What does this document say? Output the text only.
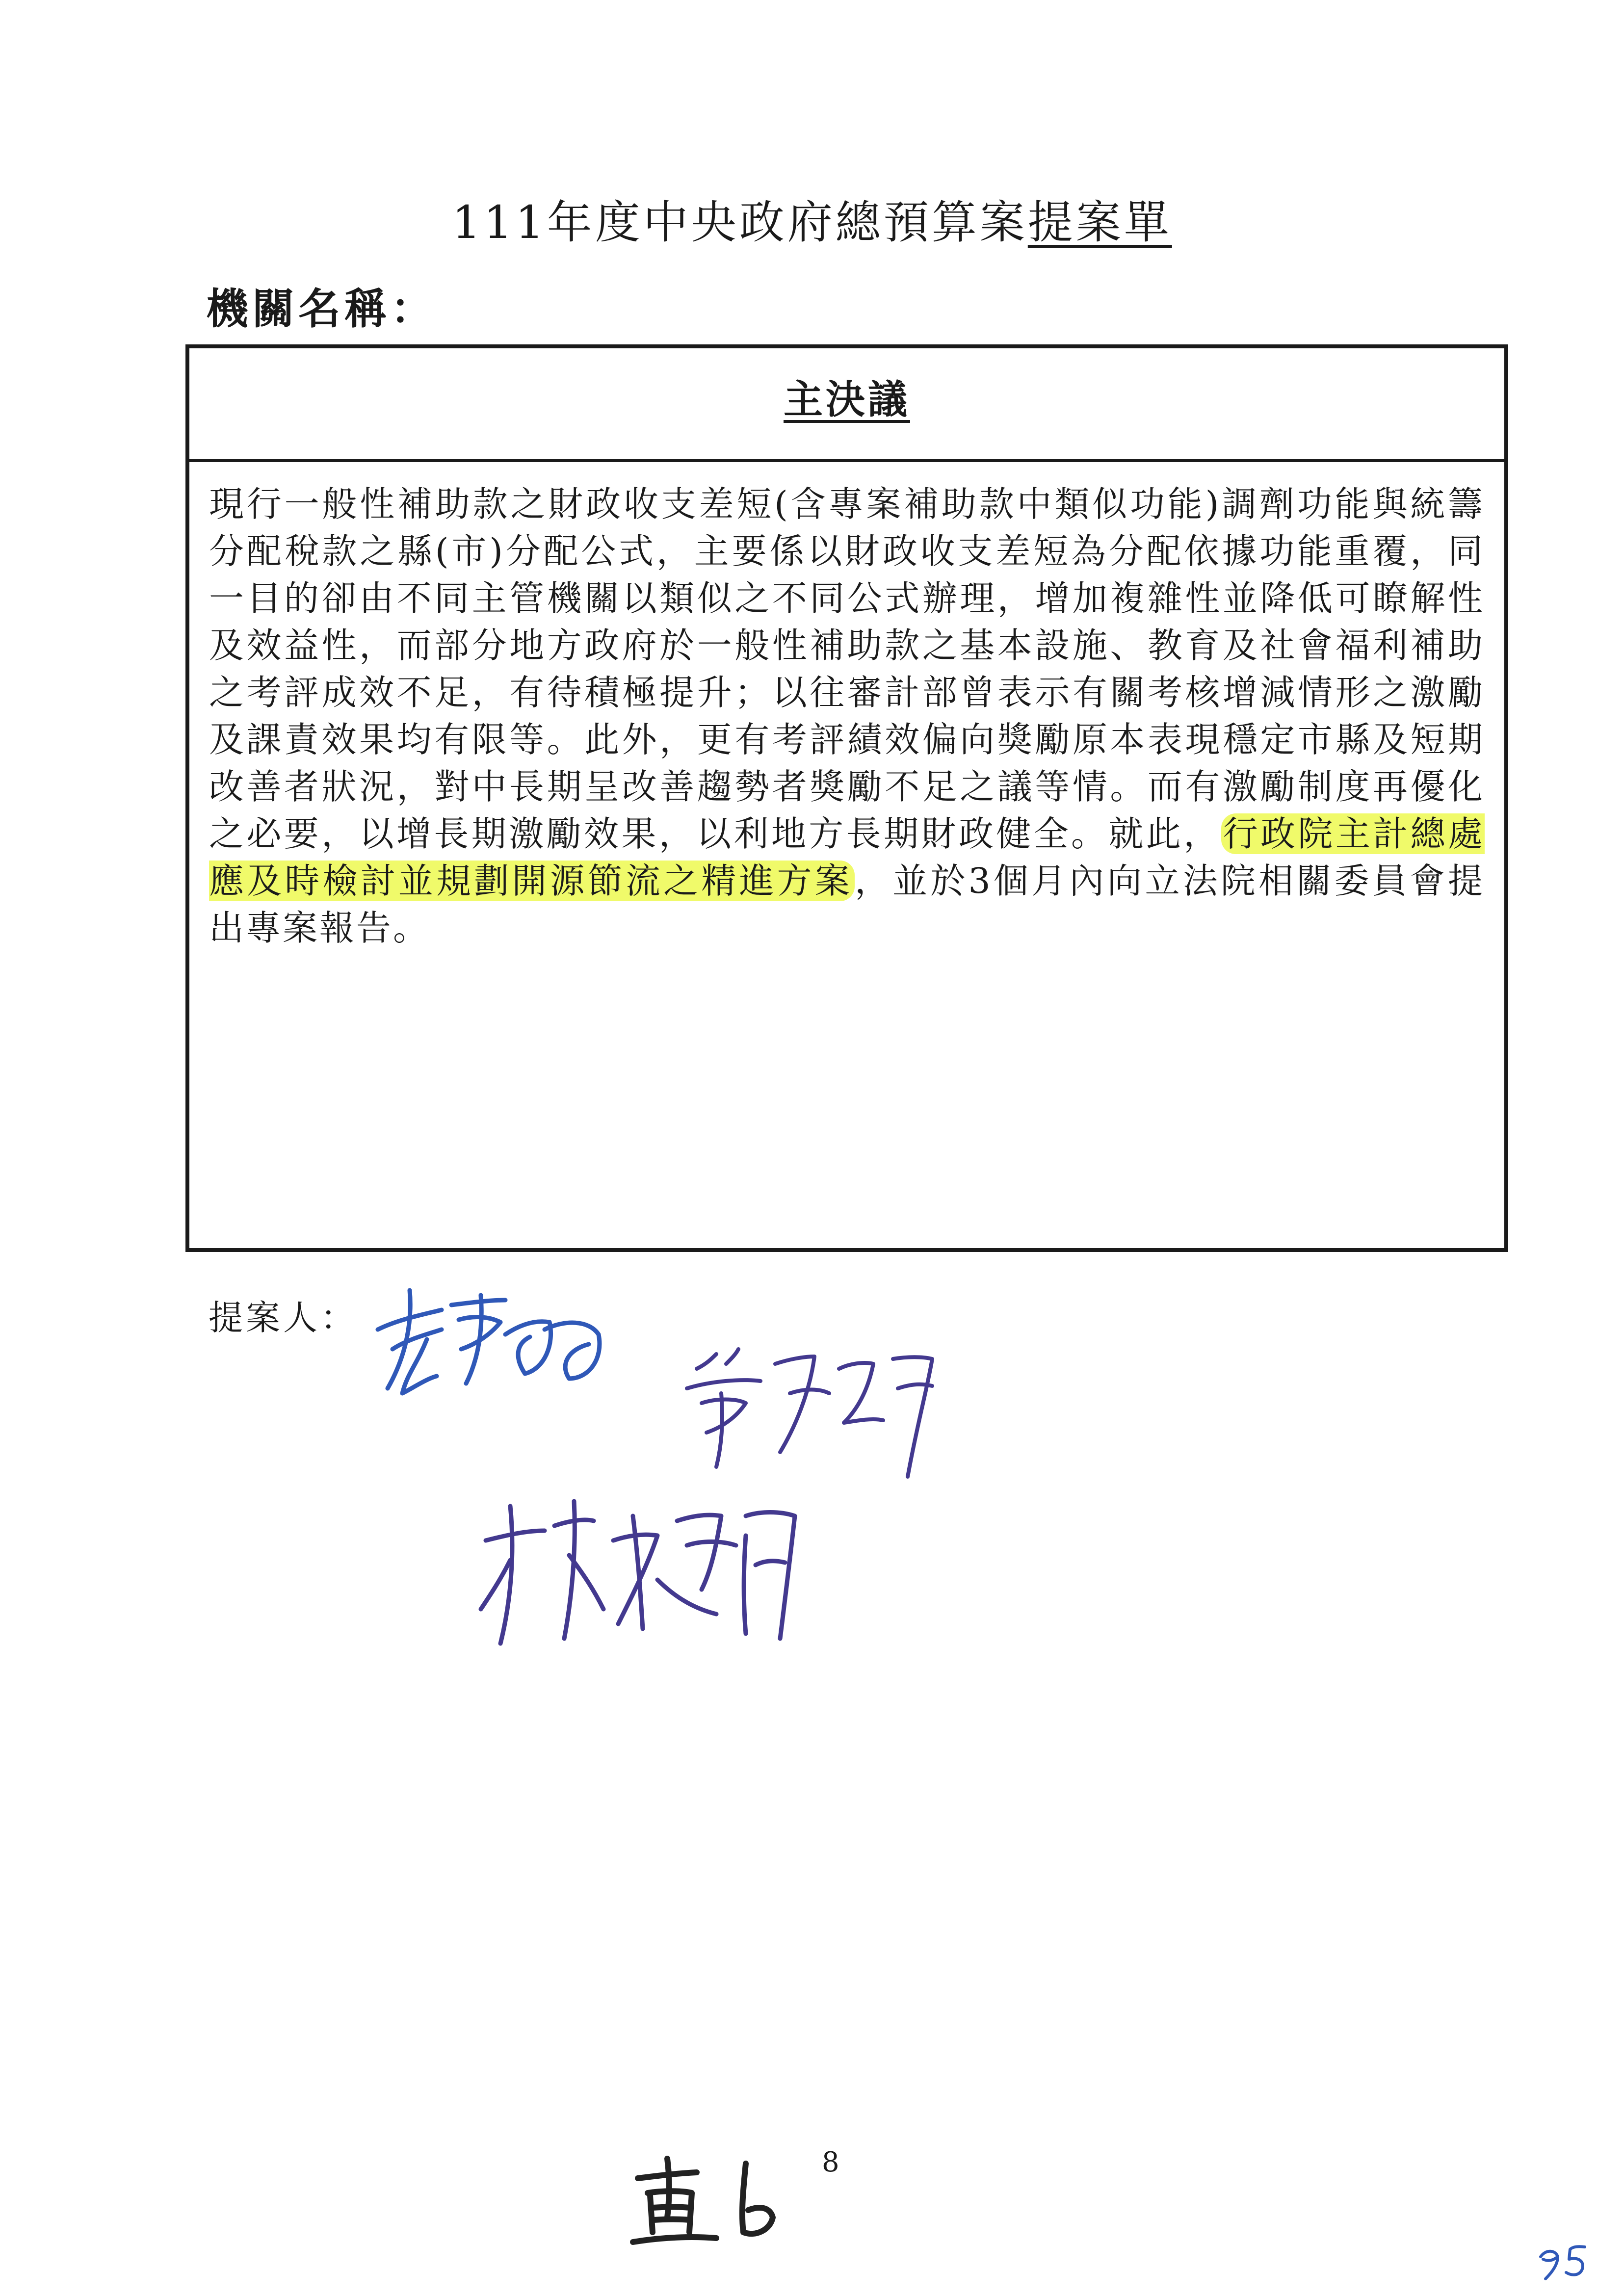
111年度中央政府總預算案提案單
機關名稱：
主決議
現行一般性補助款之財政收支差短(含專案補助款中類似功能)調劑功能與統籌分配稅款之縣(市)分配公式，主要係以財政收支差短為分配依據功能重覆，同一目的卻由不同主管機關以類似之不同公式辦理，增加複雜性並降低可瞭解性及效益性，而部分地方政府於一般性補助款之基本設施、教育及社會福利補助之考評成效不足，有待積極提升；以往審計部曾表示有關考核增減情形之激勵及課責效果均有限等。此外，更有考評績效偏向獎勵原本表現穩定市縣及短期改善者狀況，對中長期呈改善趨勢者獎勵不足之議等情。而有激勵制度再優化之必要，以增長期激勵效果，以利地方長期財政健全。就此，行政院主計總處應及時檢討並規劃開源節流之精進方案，並於3個月內向立法院相關委員會提出專案報告。
提案人：
8
